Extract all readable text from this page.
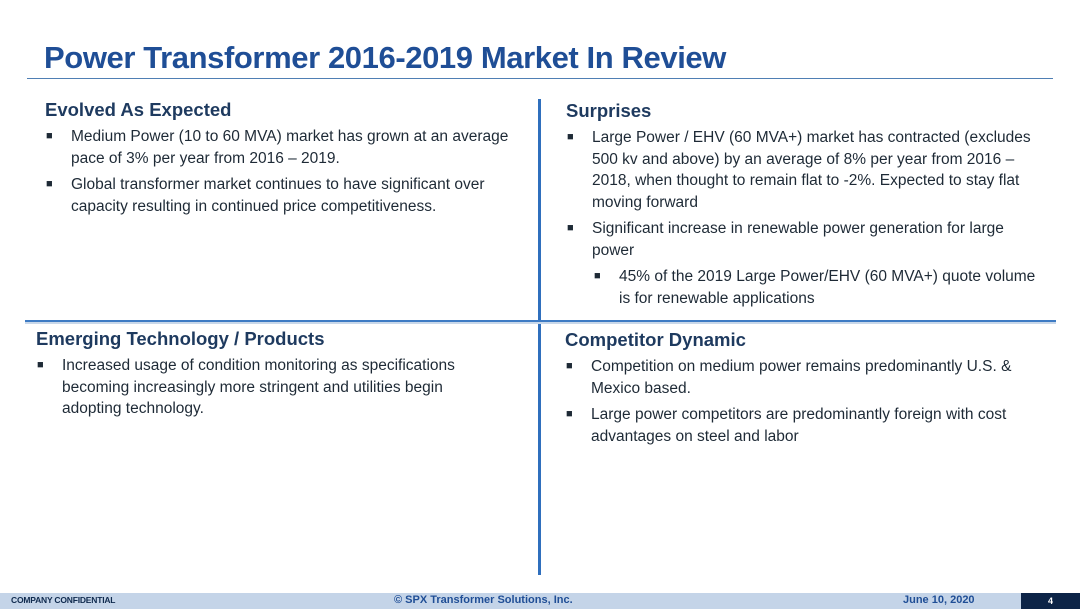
Power Transformer 2016-2019 Market In Review
Evolved As Expected
■ Medium Power (10 to 60 MVA) market has grown at an average pace of 3% per year from 2016 – 2019.
■ Global transformer market continues to have significant over capacity resulting in continued price competitiveness.
Surprises
■ Large Power / EHV (60 MVA+) market has contracted (excludes 500 kv and above) by an average of 8% per year from 2016 – 2018, when thought to remain flat to -2%. Expected to stay flat moving forward
■ Significant increase in renewable power generation for large power
■ 45% of the 2019 Large Power/EHV (60 MVA+) quote volume is for renewable applications
Emerging Technology / Products
■ Increased usage of condition monitoring as specifications becoming increasingly more stringent and utilities begin adopting technology.
Competitor Dynamic
■ Competition on medium power remains predominantly U.S. & Mexico based.
■ Large power competitors are predominantly foreign with cost advantages on steel and labor
COMPANY CONFIDENTIAL	© SPX Transformer Solutions, Inc.	June 10, 2020	4
